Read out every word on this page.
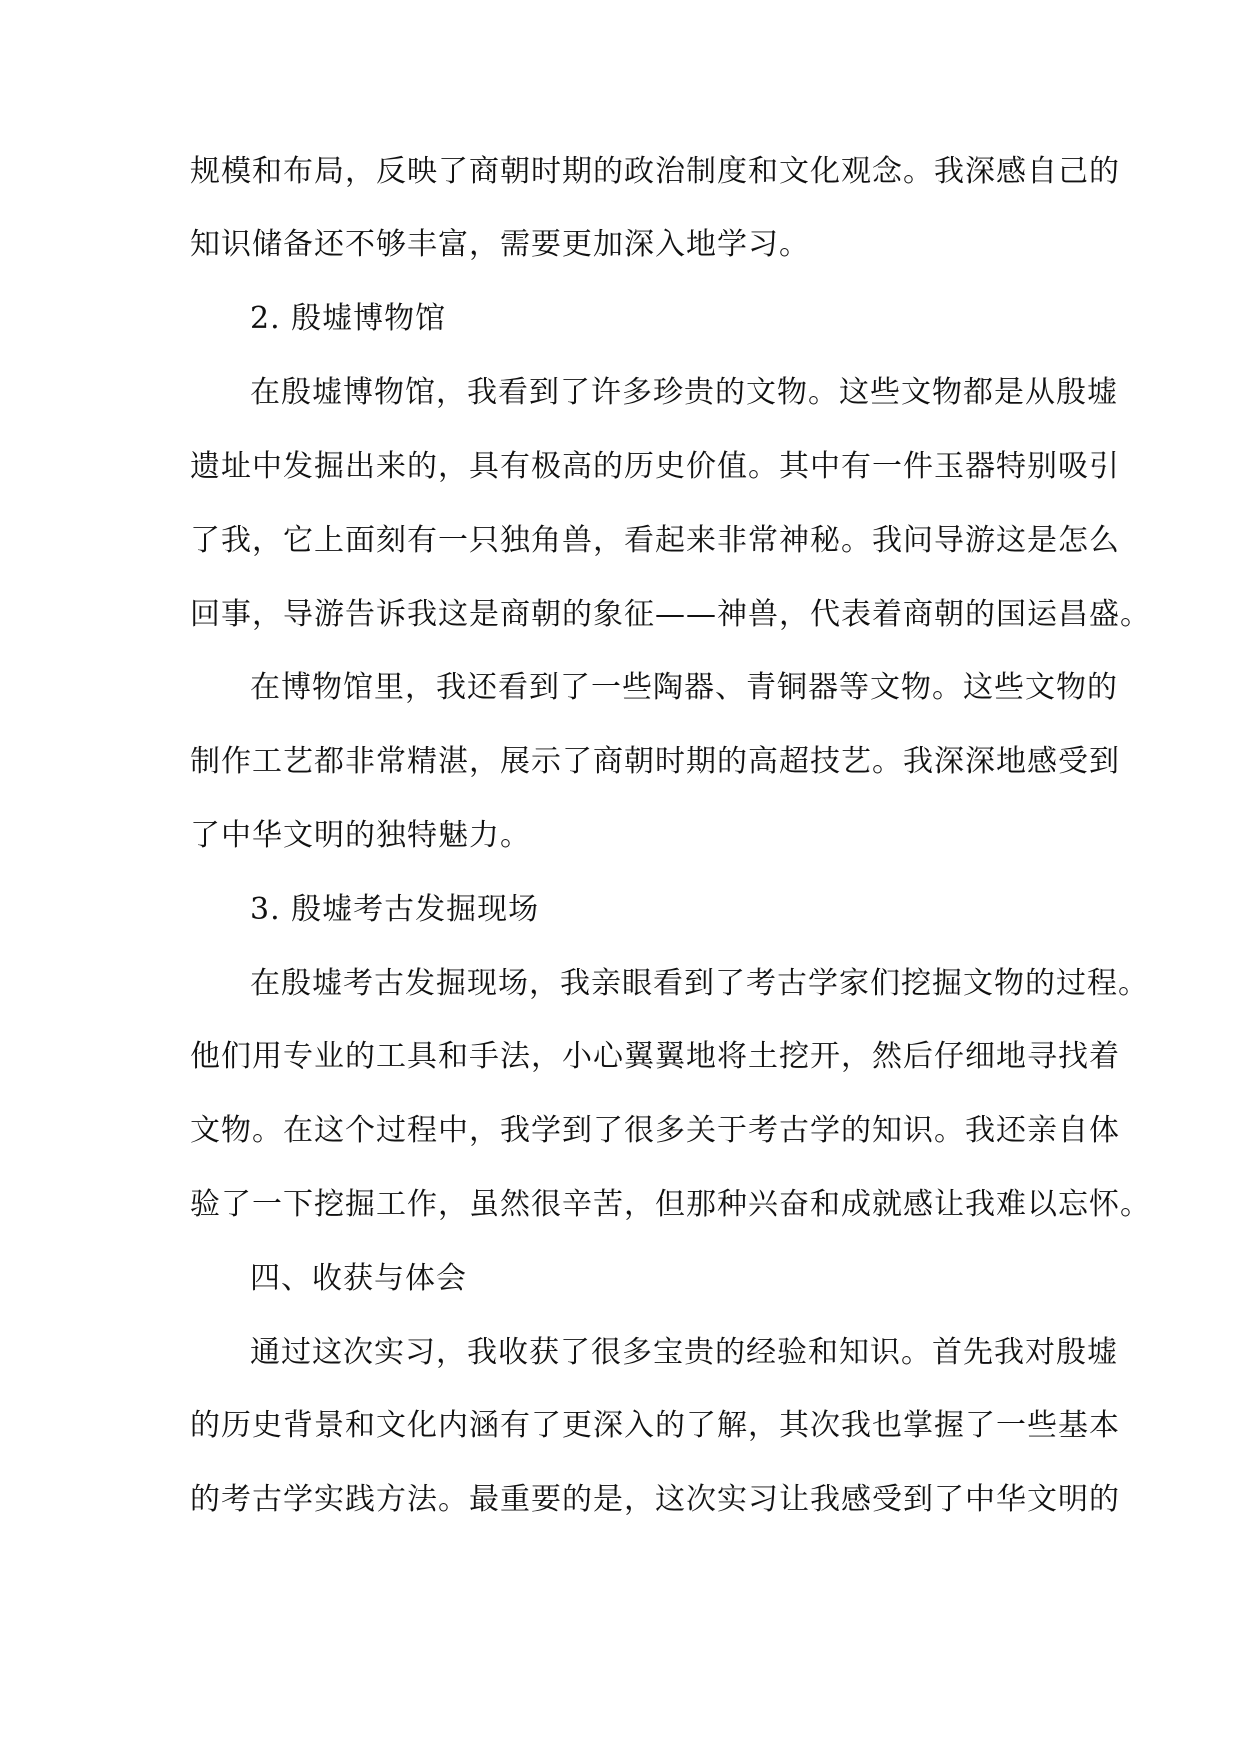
规模和布局，反映了商朝时期的政治制度和文化观念。我深感自己的
知识储备还不够丰富，需要更加深入地学习。
2. 殷墟博物馆
在殷墟博物馆，我看到了许多珍贵的文物。这些文物都是从殷墟
遗址中发掘出来的，具有极高的历史价值。其中有一件玉器特别吸引
了我，它上面刻有一只独角兽，看起来非常神秘。我问导游这是怎么
回事，导游告诉我这是商朝的象征——神兽，代表着商朝的国运昌盛。
在博物馆里，我还看到了一些陶器、青铜器等文物。这些文物的
制作工艺都非常精湛，展示了商朝时期的高超技艺。我深深地感受到
了中华文明的独特魅力。
3. 殷墟考古发掘现场
在殷墟考古发掘现场，我亲眼看到了考古学家们挖掘文物的过程。
他们用专业的工具和手法，小心翼翼地将土挖开，然后仔细地寻找着
文物。在这个过程中，我学到了很多关于考古学的知识。我还亲自体
验了一下挖掘工作，虽然很辛苦，但那种兴奋和成就感让我难以忘怀。
四、收获与体会
通过这次实习，我收获了很多宝贵的经验和知识。首先我对殷墟
的历史背景和文化内涵有了更深入的了解，其次我也掌握了一些基本
的考古学实践方法。最重要的是，这次实习让我感受到了中华文明的
